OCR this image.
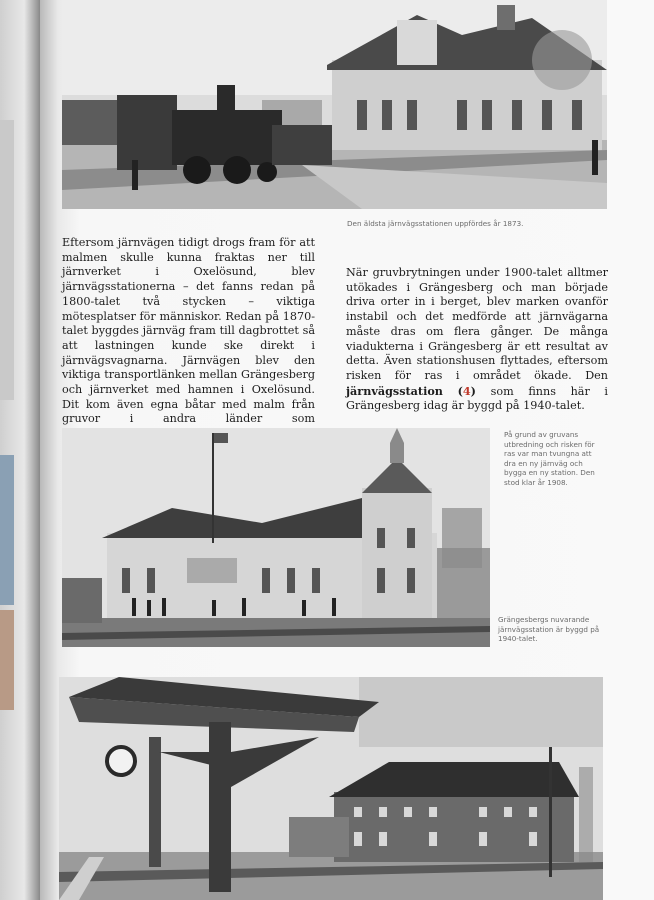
Den äldsta järnvägsstationen uppfördes år 1873.

Eftersom järnvägen tidigt drogs fram för att malmen skulle kunna fraktas ner till järnverket i Oxelösund, blev järnvägsstationerna – det fanns redan på 1800-talet två stycken – viktiga mötesplatser för människor. Redan på 1870-talet byggdes järnväg fram till dagbrottet så att lastningen kunde ske direkt i järnvägsvagnarna. Järnvägen blev den viktiga transportlänken mellan Grängesberg och järnverket med hamnen i Oxelösund. Dit kom även egna båtar med malm från gruvor i andra länder som

När gruvbrytningen under 1900-talet alltmer utökades i Grängesberg och man började driva orter in i berget, blev marken ovanför instabil och det medförde att järnvägarna måste dras om flera gånger. De många viadukterna i Grängesberg är ett resultat av detta. Även stationshusen flyttades, eftersom risken för ras i området ökade. Den järnvägsstation (4) som finns här i Grängesberg idag är byggd på 1940-talet.

På grund av gruvans utbredning och risken för ras var man tvungna att dra en ny järnväg och bygga en ny station. Den stod klar år 1908.
Grängesbergs nuvarande järnvägsstation är byggd på 1940-talet.
